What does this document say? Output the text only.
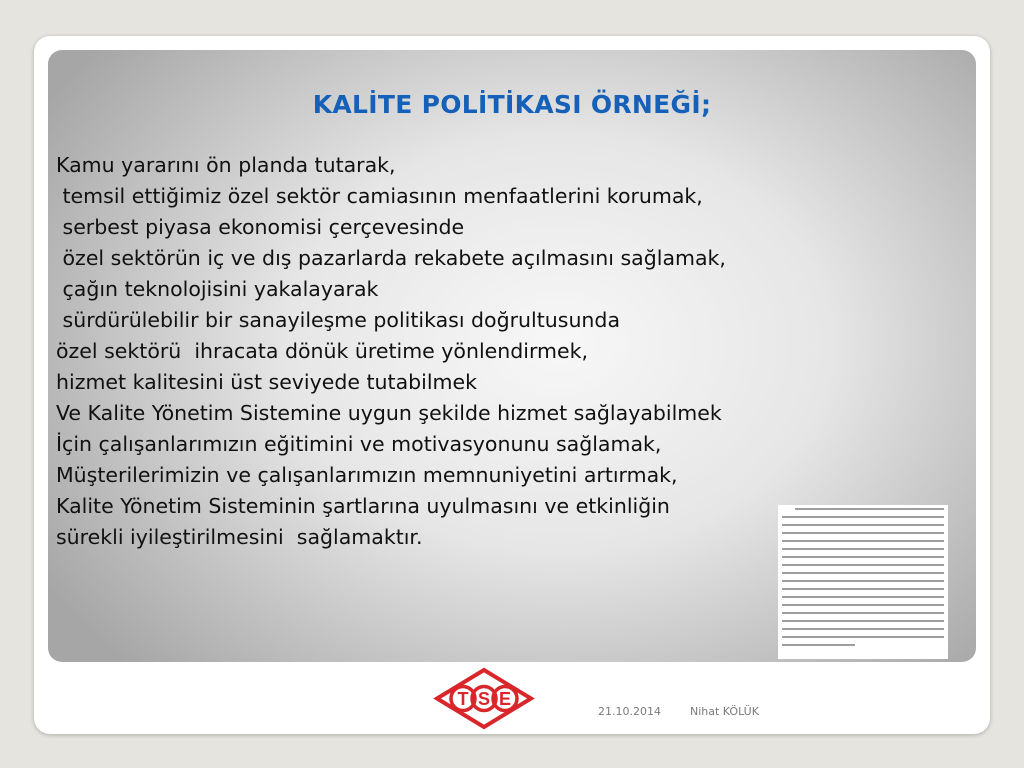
KALİTE POLİTİKASI ÖRNEĞİ;
Kamu yararını ön planda tutarak,
temsil ettiğimiz özel sektör camiasının menfaatlerini korumak,
serbest piyasa ekonomisi çerçevesinde
özel sektörün iç ve dış pazarlarda rekabete açılmasını sağlamak,
çağın teknolojisini yakalayarak
sürdürülebilir bir sanayileşme politikası doğrultusunda
özel sektörü  ihracata dönük üretime yönlendirmek,
hizmet kalitesini üst seviyede tutabilmek
Ve Kalite Yönetim Sistemine uygun şekilde hizmet sağlayabilmek
İçin çalışanlarımızın eğitimini ve motivasyonunu sağlamak,
Müşterilerimizin ve çalışanlarımızın memnuniyetini artırmak,
Kalite Yönetim Sisteminin şartlarına uyulmasını ve etkinliğin
sürekli iyileştirilmesini  sağlamaktır.
T S E
21.10.2014	Nihat KÖLÜK
